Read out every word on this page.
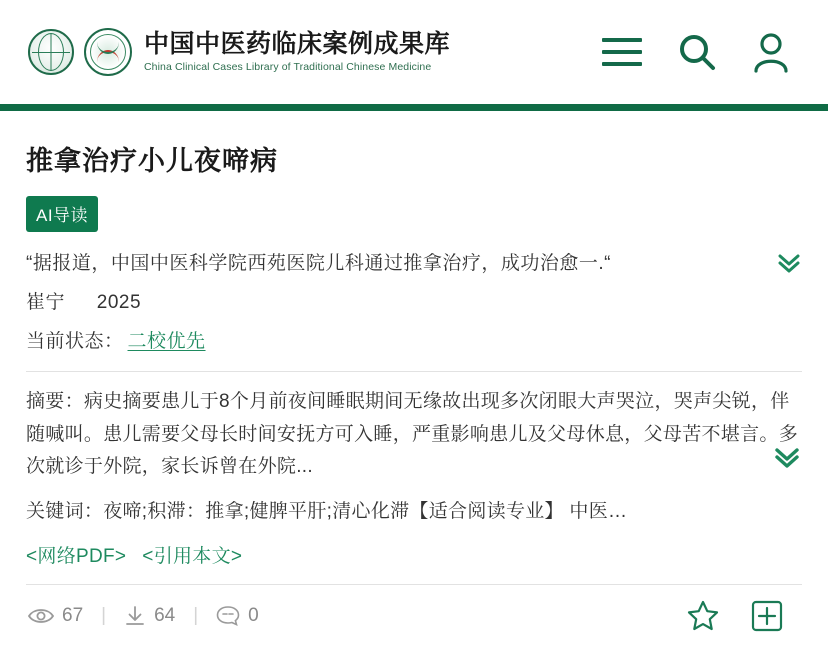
中国中医药临床案例成果库
China Clinical Cases Library of Traditional Chinese Medicine
推拿治疗小儿夜啼病
AI导读
“据报道，中国中医科学院西苑医院儿科通过推拿治疗，成功治愈一.“
崔宁 2025
当前状态： 二校优先
摘要：病史摘要患儿于8个月前夜间睡眠期间无缘故出现多次闭眼大声哭泣，哭声尖锐，伴随喊叫。患儿需要父母长时间安抚方可入睡，严重影响患儿及父母休息，父母苦不堪言。多次就诊于外院，家长诉曾在外院...
关键词：夜啼;积滞：推拿;健脾平肝;清心化滞【适合阅读专业】 中医…
<网络PDF> <引用本文>
67 |	64 |	0
